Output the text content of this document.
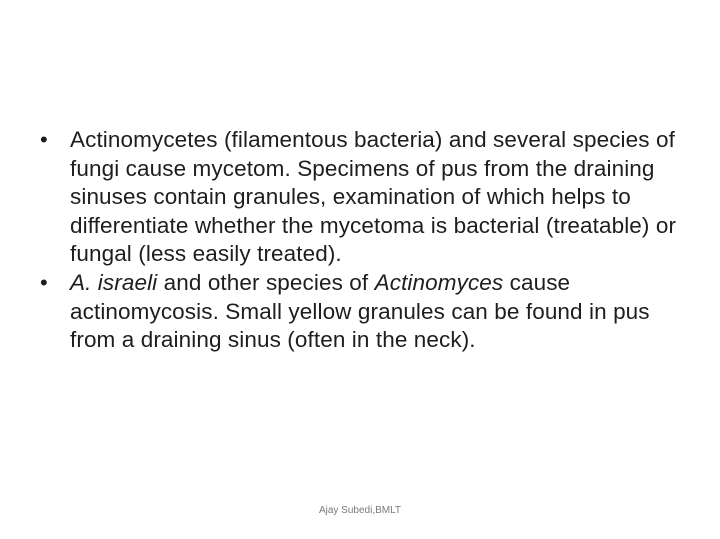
• Actinomycetes (filamentous bacteria) and several species of fungi cause mycetom. Specimens of pus from the draining sinuses contain granules, examination of which helps to differentiate whether the mycetoma is bacterial (treatable) or fungal (less easily treated).
• A. israeli and other species of Actinomyces cause actinomycosis. Small yellow granules can be found in pus from a draining sinus (often in the neck).
Ajay Subedi,BMLT
